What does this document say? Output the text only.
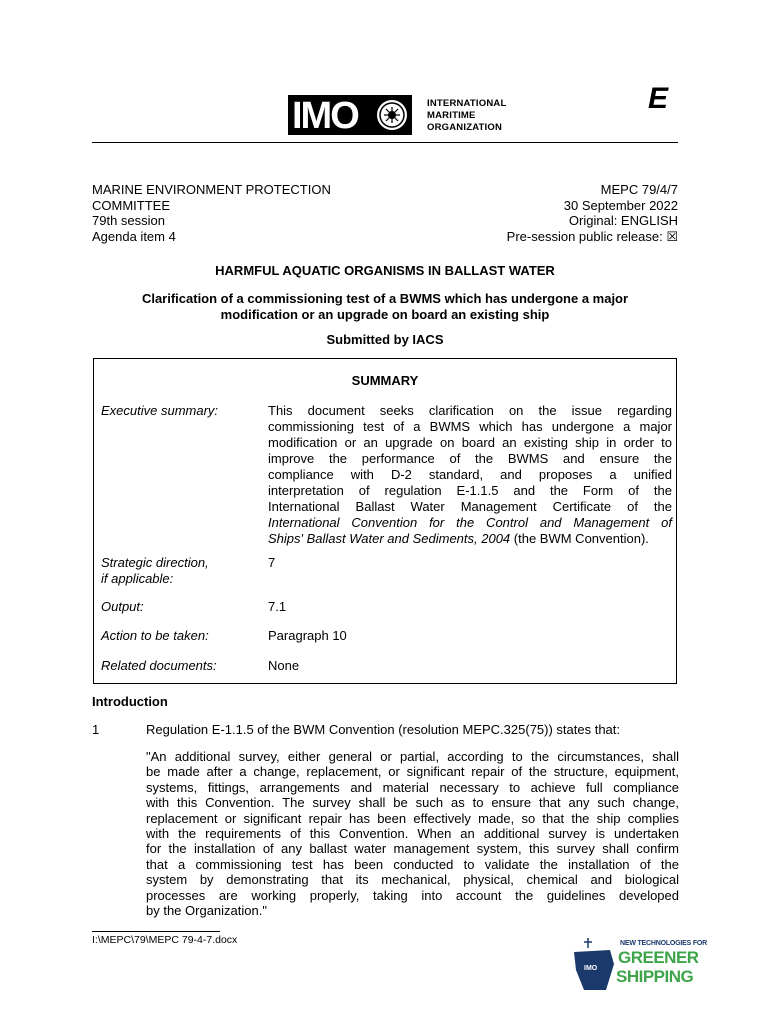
E
IMO	INTERNATIONAL
MARITIME
ORGANIZATION
MARINE ENVIRONMENT PROTECTION
COMMITTEE
79th session
Agenda item 4
MEPC 79/4/7
30 September 2022
Original: ENGLISH
Pre-session public release: ☒
HARMFUL AQUATIC ORGANISMS IN BALLAST WATER
Clarification of a commissioning test of a BWMS which has undergone a major
modification or an upgrade on board an existing ship
Submitted by IACS
SUMMARY
Executive summary:	This document seeks clarification on the issue regarding
commissioning test of a BWMS which has undergone a major
modification or an upgrade on board an existing ship in order to
improve the performance of the BWMS and ensure the
compliance with D-2 standard, and proposes a unified
interpretation of regulation E-1.1.5 and the Form of the
International Ballast Water Management Certificate of the
International Convention for the Control and Management of
Ships' Ballast Water and Sediments, 2004 (the BWM Convention).
Strategic direction,
if applicable:
7
Output:	7.1
Action to be taken:	Paragraph 10
Related documents:	None
Introduction
1	Regulation E-1.1.5 of the BWM Convention (resolution MEPC.325(75)) states that:
"An additional survey, either general or partial, according to the circumstances, shall
be made after a change, replacement, or significant repair of the structure, equipment,
systems, fittings, arrangements and material necessary to achieve full compliance
with this Convention. The survey shall be such as to ensure that any such change,
replacement or significant repair has been effectively made, so that the ship complies
with the requirements of this Convention. When an additional survey is undertaken
for the installation of any ballast water management system, this survey shall confirm
that a commissioning test has been conducted to validate the installation of the
system by demonstrating that its mechanical, physical, chemical and biological
processes are working properly, taking into account the guidelines developed
by the Organization."
I:\MEPC\79\MEPC 79-4-7.docx
IMO
NEW TECHNOLOGIES FOR
GREENER
SHIPPING
